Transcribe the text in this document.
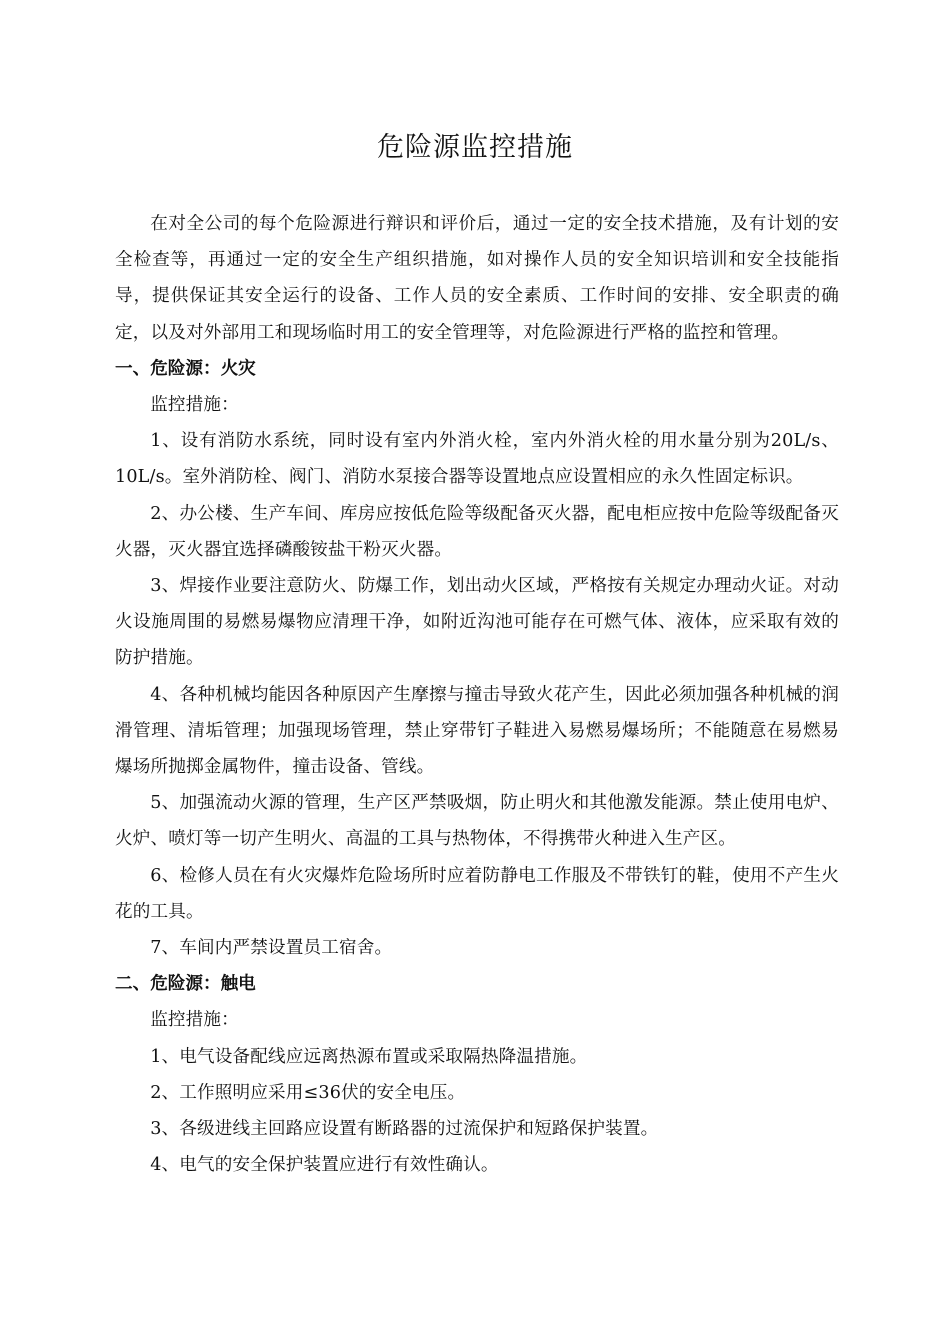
危险源监控措施

在对全公司的每个危险源进行辩识和评价后，通过一定的安全技术措施，及有计划的安全检查等，再通过一定的安全生产组织措施，如对操作人员的安全知识培训和安全技能指导，提供保证其安全运行的设备、工作人员的安全素质、工作时间的安排、安全职责的确定，以及对外部用工和现场临时用工的安全管理等，对危险源进行严格的监控和管理。

一、危险源：火灾

监控措施：

1、设有消防水系统，同时设有室内外消火栓，室内外消火栓的用水量分别为20L/s、10L/s。室外消防栓、阀门、消防水泵接合器等设置地点应设置相应的永久性固定标识。

2、办公楼、生产车间、库房应按低危险等级配备灭火器，配电柜应按中危险等级配备灭火器，灭火器宜选择磷酸铵盐干粉灭火器。

3、焊接作业要注意防火、防爆工作，划出动火区域，严格按有关规定办理动火证。对动火设施周围的易燃易爆物应清理干净，如附近沟池可能存在可燃气体、液体，应采取有效的防护措施。

4、各种机械均能因各种原因产生摩擦与撞击导致火花产生，因此必须加强各种机械的润滑管理、清垢管理；加强现场管理，禁止穿带钉子鞋进入易燃易爆场所；不能随意在易燃易爆场所抛掷金属物件，撞击设备、管线。

5、加强流动火源的管理，生产区严禁吸烟，防止明火和其他激发能源。禁止使用电炉、火炉、喷灯等一切产生明火、高温的工具与热物体，不得携带火种进入生产区。

6、检修人员在有火灾爆炸危险场所时应着防静电工作服及不带铁钉的鞋，使用不产生火花的工具。

7、车间内严禁设置员工宿舍。

二、危险源：触电

监控措施：

1、电气设备配线应远离热源布置或采取隔热降温措施。

2、工作照明应采用≤36伏的安全电压。

3、各级进线主回路应设置有断路器的过流保护和短路保护装置。

4、电气的安全保护装置应进行有效性确认。
